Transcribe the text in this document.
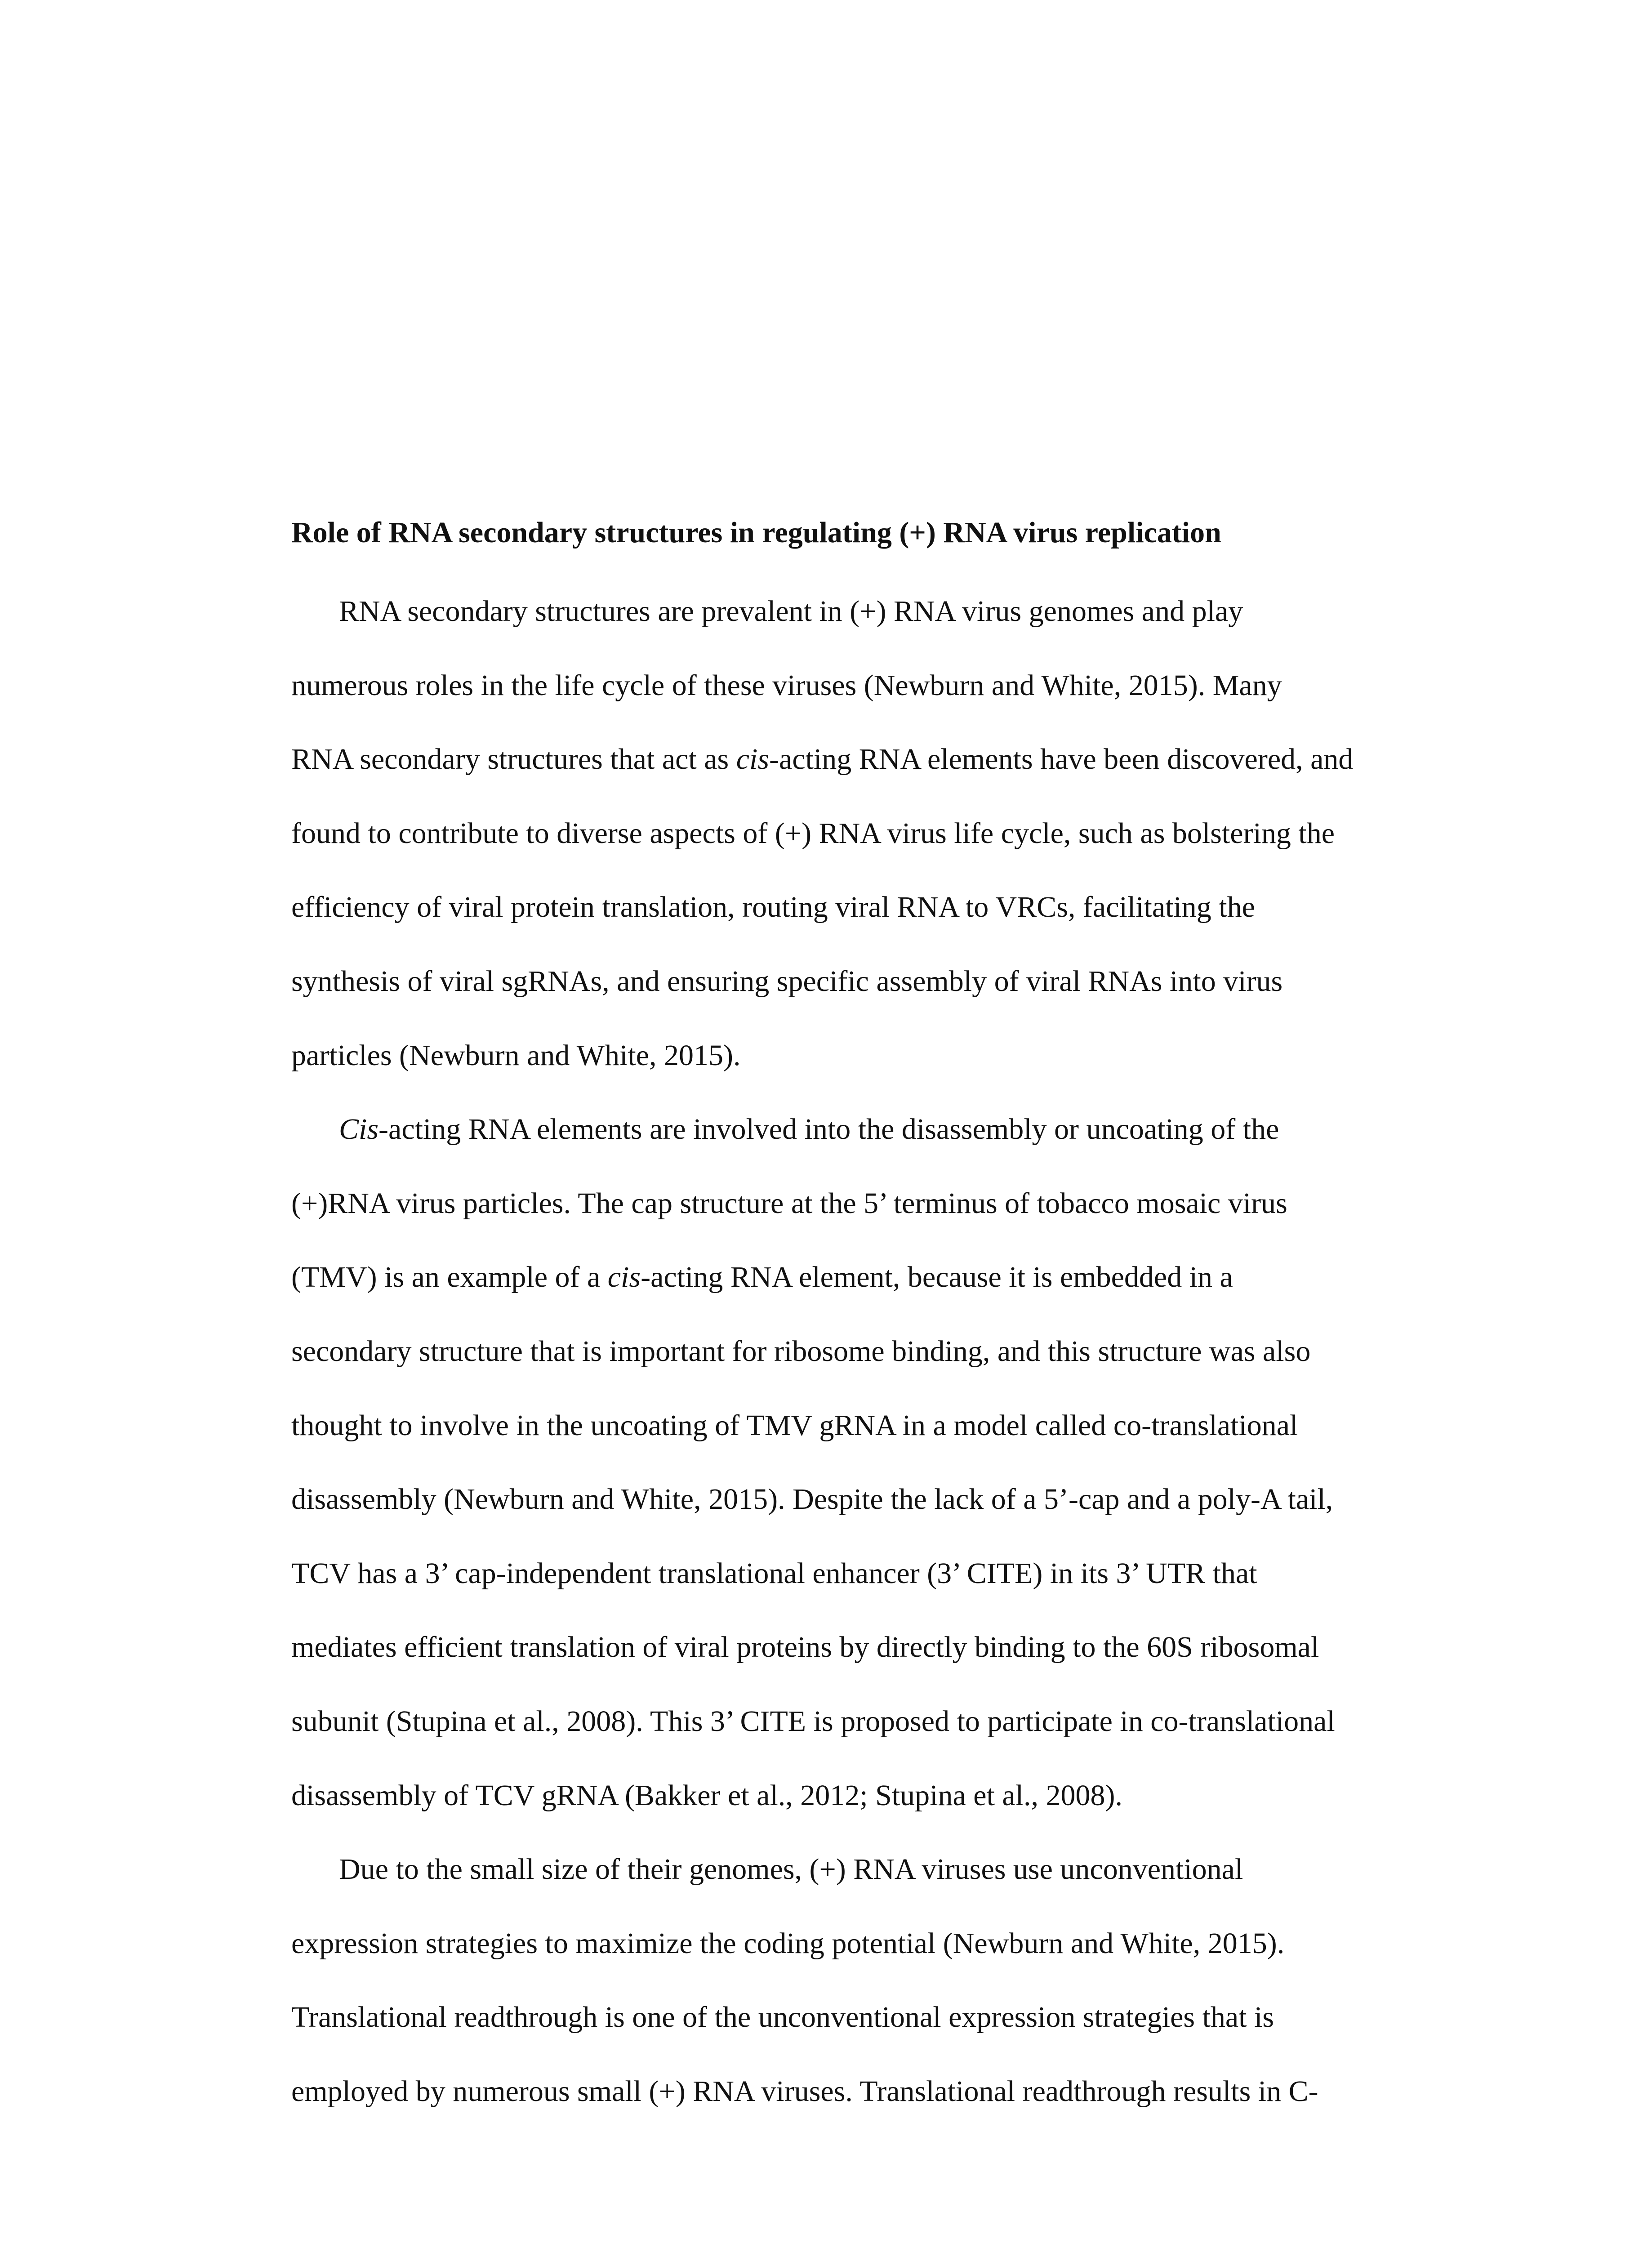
Role of RNA secondary structures in regulating (+) RNA virus replication

RNA secondary structures are prevalent in (+) RNA virus genomes and play
numerous roles in the life cycle of these viruses (Newburn and White, 2015). Many
RNA secondary structures that act as cis-acting RNA elements have been discovered, and
found to contribute to diverse aspects of (+) RNA virus life cycle, such as bolstering the
efficiency of viral protein translation, routing viral RNA to VRCs, facilitating the
synthesis of viral sgRNAs, and ensuring specific assembly of viral RNAs into virus
particles (Newburn and White, 2015).

Cis-acting RNA elements are involved into the disassembly or uncoating of the
(+)RNA virus particles. The cap structure at the 5’ terminus of tobacco mosaic virus
(TMV) is an example of a cis-acting RNA element, because it is embedded in a
secondary structure that is important for ribosome binding, and this structure was also
thought to involve in the uncoating of TMV gRNA in a model called co-translational
disassembly (Newburn and White, 2015). Despite the lack of a 5’-cap and a poly-A tail,
TCV has a 3’ cap-independent translational enhancer (3’ CITE) in its 3’ UTR that
mediates efficient translation of viral proteins by directly binding to the 60S ribosomal
subunit (Stupina et al., 2008). This 3’ CITE is proposed to participate in co-translational
disassembly of TCV gRNA (Bakker et al., 2012; Stupina et al., 2008).

Due to the small size of their genomes, (+) RNA viruses use unconventional
expression strategies to maximize the coding potential (Newburn and White, 2015).
Translational readthrough is one of the unconventional expression strategies that is
employed by numerous small (+) RNA viruses. Translational readthrough results in C-
